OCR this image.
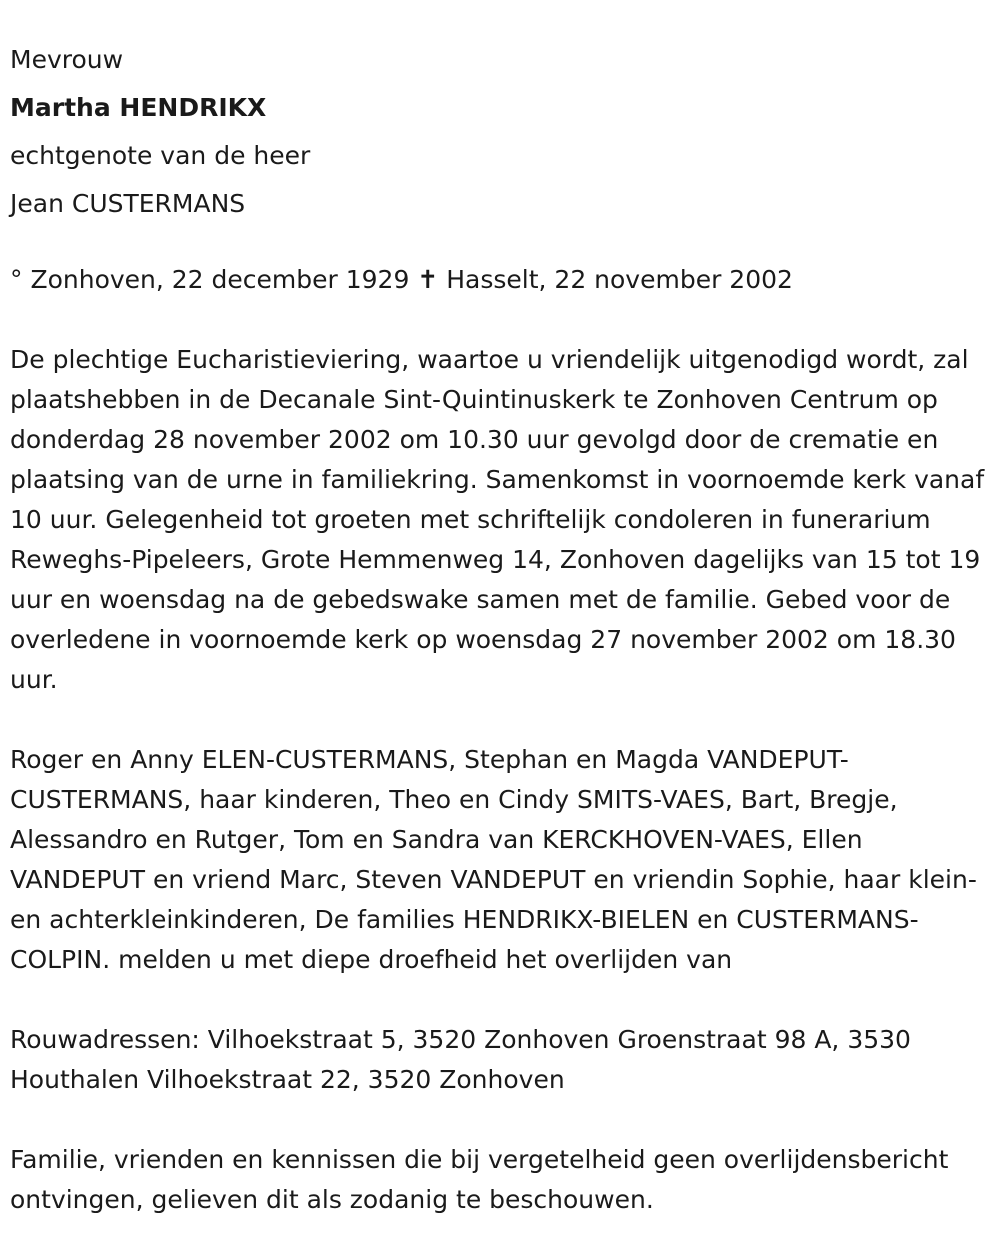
Mevrouw
Martha HENDRIKX
echtgenote van de heer
Jean CUSTERMANS
° Zonhoven, 22 december 1929 ✝ Hasselt, 22 november 2002

De plechtige Eucharistieviering, waartoe u vriendelijk uitgenodigd wordt, zal plaatshebben in de Decanale Sint-Quintinuskerk te Zonhoven Centrum op donderdag 28 november 2002 om 10.30 uur gevolgd door de crematie en plaatsing van de urne in familiekring. Samenkomst in voornoemde kerk vanaf 10 uur. Gelegenheid tot groeten met schriftelijk condoleren in funerarium Reweghs-Pipeleers, Grote Hemmenweg 14, Zonhoven dagelijks van 15 tot 19 uur en woensdag na de gebedswake samen met de familie. Gebed voor de overledene in voornoemde kerk op woensdag 27 november 2002 om 18.30 uur.

Roger en Anny ELEN-CUSTERMANS, Stephan en Magda VANDEPUT-CUSTERMANS, haar kinderen, Theo en Cindy SMITS-VAES, Bart, Bregje, Alessandro en Rutger, Tom en Sandra van KERCKHOVEN-VAES, Ellen VANDEPUT en vriend Marc, Steven VANDEPUT en vriendin Sophie, haar klein- en achterkleinkinderen, De families HENDRIKX-BIELEN en CUSTERMANS-COLPIN. melden u met diepe droefheid het overlijden van

Rouwadressen: Vilhoekstraat 5, 3520 Zonhoven Groenstraat 98 A, 3530 Houthalen Vilhoekstraat 22, 3520 Zonhoven

Familie, vrienden en kennissen die bij vergetelheid geen overlijdensbericht ontvingen, gelieven dit als zodanig te beschouwen.
